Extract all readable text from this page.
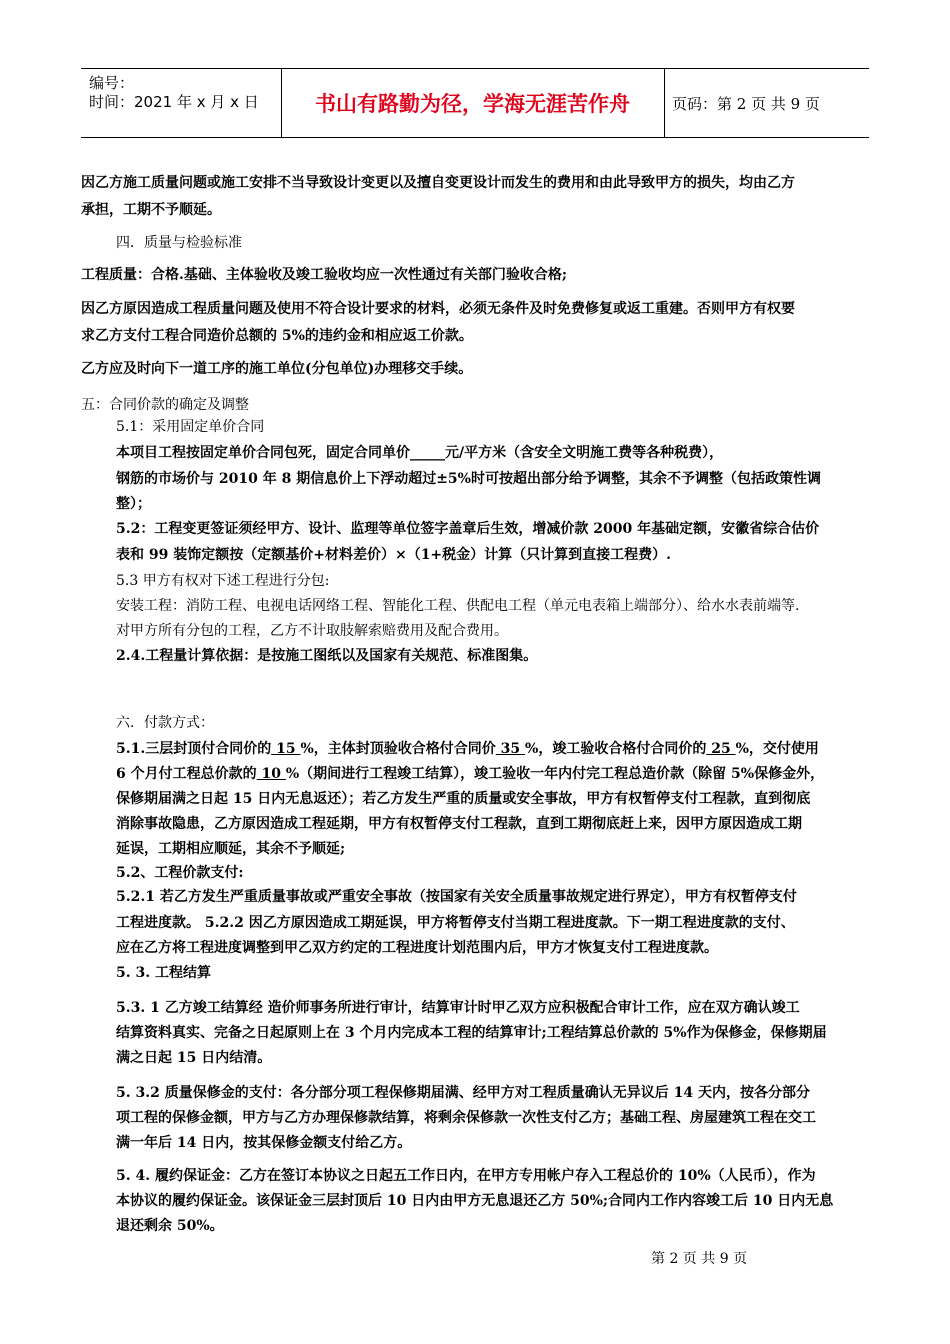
编号：
时间：2021 年 x 月 x 日	书山有路勤为径，学海无涯苦作舟	页码：第 2 页 共 9 页

因乙方施工质量问题或施工安排不当导致设计变更以及擅自变更设计而发生的费用和由此导致甲方的损失，均由乙方

承担，工期不予顺延。

四．质量与检验标准

工程质量：合格.基础、主体验收及竣工验收均应一次性通过有关部门验收合格;

因乙方原因造成工程质量问题及使用不符合设计要求的材料，必须无条件及时免费修复或返工重建。否则甲方有权要

求乙方支付工程合同造价总额的 5%的违约金和相应返工价款。

乙方应及时向下一道工序的施工单位(分包单位)办理移交手续。

五：合同价款的确定及调整

5.1：采用固定单价合同

本项目工程按固定单价合同包死，固定合同单价_____元/平方米（含安全文明施工费等各种税费），

钢筋的市场价与 2010 年 8 期信息价上下浮动超过±5%时可按超出部分给予调整，其余不予调整（包括政策性调

整）；

5.2：工程变更签证须经甲方、设计、监理等单位签字盖章后生效，增减价款 2000 年基础定额，安徽省综合估价

表和 99 装饰定额按（定额基价+材料差价）×（1+税金）计算（只计算到直接工程费）.

5.3 甲方有权对下述工程进行分包:

安装工程：消防工程、电视电话网络工程、智能化工程、供配电工程（单元电表箱上端部分）、给水水表前端等.

对甲方所有分包的工程，乙方不计取肢解索赔费用及配合费用。

2.4.工程量计算依据：是按施工图纸以及国家有关规范、标准图集。

六．付款方式：

5.1.三层封顶付合同价的 15 %，主体封顶验收合格付合同价 35 %，竣工验收合格付合同价的 25 %，交付使用

6 个月付工程总价款的 10 %（期间进行工程竣工结算），竣工验收一年内付完工程总造价款（除留 5%保修金外，

保修期届满之日起 15 日内无息返还）；若乙方发生严重的质量或安全事故，甲方有权暂停支付工程款，直到彻底

消除事故隐患，乙方原因造成工程延期，甲方有权暂停支付工程款，直到工期彻底赶上来，因甲方原因造成工期

延误，工期相应顺延，其余不予顺延;

5.2、工程价款支付:

5.2.1 若乙方发生严重质量事故或严重安全事故（按国家有关安全质量事故规定进行界定），甲方有权暂停支付

工程进度款。 5.2.2 因乙方原因造成工期延误，甲方将暂停支付当期工程进度款。下一期工程进度款的支付、

应在乙方将工程进度调整到甲乙双方约定的工程进度计划范围内后，甲方才恢复支付工程进度款。

5. 3. 工程结算

5.3. 1 乙方竣工结算经 造价师事务所进行审计，结算审计时甲乙双方应积极配合审计工作，应在双方确认竣工

结算资料真实、完备之日起原则上在 3 个月内完成本工程的结算审计;工程结算总价款的 5%作为保修金，保修期届

满之日起 15 日内结清。

5. 3.2 质量保修金的支付：各分部分项工程保修期届满、经甲方对工程质量确认无异议后 14 天内，按各分部分

项工程的保修金额，甲方与乙方办理保修款结算，将剩余保修款一次性支付乙方；基础工程、房屋建筑工程在交工

满一年后 14 日内，按其保修金额支付给乙方。

5. 4. 履约保证金：乙方在签订本协议之日起五工作日内，在甲方专用帐户存入工程总价的 10%（人民币），作为

本协议的履约保证金。该保证金三层封顶后 10 日内由甲方无息退还乙方 50%;合同内工作内容竣工后 10 日内无息

退还剩余 50%。

第 2 页 共 9 页
